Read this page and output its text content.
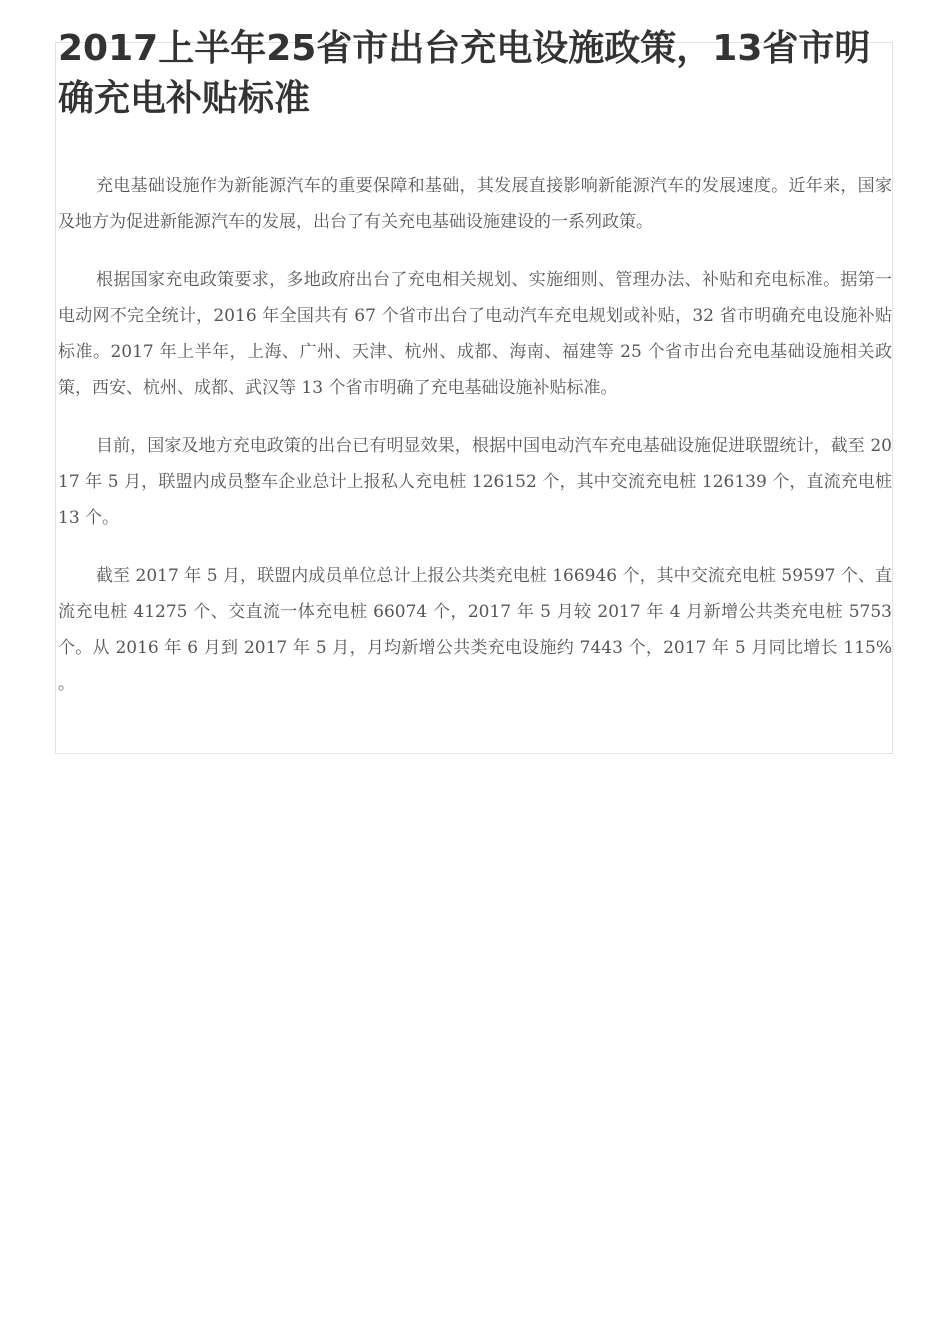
2017上半年25省市出台充电设施政策，13省市明确充电补贴标准

充电基础设施作为新能源汽车的重要保障和基础，其发展直接影响新能源汽车的发展速度。近年来，国家及地方为促进新能源汽车的发展，出台了有关充电基础设施建设的一系列政策。

根据国家充电政策要求，多地政府出台了充电相关规划、实施细则、管理办法、补贴和充电标准。据第一电动网不完全统计，2016 年全国共有 67 个省市出台了电动汽车充电规划或补贴，32 省市明确充电设施补贴标准。2017 年上半年，上海、广州、天津、杭州、成都、海南、福建等 25 个省市出台充电基础设施相关政策，西安、杭州、成都、武汉等 13 个省市明确了充电基础设施补贴标准。

目前，国家及地方充电政策的出台已有明显效果，根据中国电动汽车充电基础设施促进联盟统计，截至 2017 年 5 月，联盟内成员整车企业总计上报私人充电桩 126152 个，其中交流充电桩 126139 个，直流充电桩 13 个。

截至 2017 年 5 月，联盟内成员单位总计上报公共类充电桩 166946 个，其中交流充电桩 59597 个、直流充电桩 41275 个、交直流一体充电桩 66074 个，2017 年 5 月较 2017 年 4 月新增公共类充电桩 5753 个。从 2016 年 6 月到 2017 年 5 月，月均新增公共类充电设施约 7443 个，2017 年 5 月同比增长 115% 。
